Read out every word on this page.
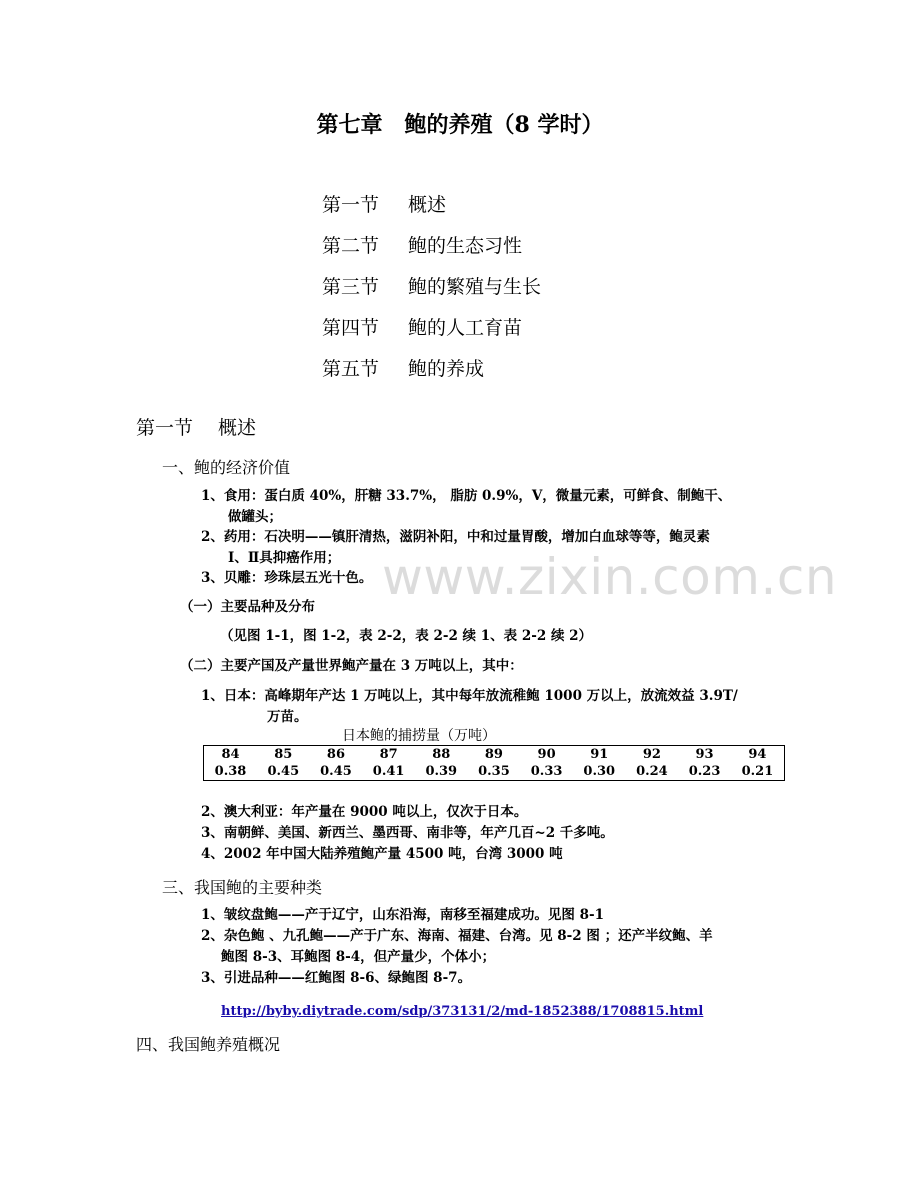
www.zixin.com.cn
第七章　鲍的养殖（8 学时）
第一节 概述
第二节 鲍的生态习性
第三节 鲍的繁殖与生长
第四节 鲍的人工育苗
第五节 鲍的养成
第一节 概述
一、鲍的经济价值
1、食用：蛋白质 40%，肝糖 33.7%， 脂肪 0.9%，V，微量元素，可鲜食、制鲍干、
做罐头；
2、药用：石决明——镇肝清热，滋阴补阳，中和过量胃酸，增加白血球等等，鲍灵素
Ⅰ、Ⅱ具抑癌作用；
3、贝雕：珍珠层五光十色。
（一）主要品种及分布
（见图 1-1，图 1-2，表 2-2，表 2-2 续 1、表 2-2 续 2）
（二）主要产国及产量世界鲍产量在 3 万吨以上，其中：
1、日本：高峰期年产达 1 万吨以上，其中每年放流稚鲍 1000 万以上，放流效益 3.9T/
万苗。
日本鲍的捕捞量（万吨）
84	85	86	87	88	89	90	91	92	93	94
0.38	0.45	0.45	0.41	0.39	0.35	0.33	0.30	0.24	0.23	0.21
2、澳大利亚：年产量在 9000 吨以上，仅次于日本。
3、南朝鲜、美国、新西兰、墨西哥、南非等，年产几百~2 千多吨。
4、2002 年中国大陆养殖鲍产量 4500 吨，台湾 3000 吨
三、我国鲍的主要种类
1、皱纹盘鲍——产于辽宁，山东沿海，南移至福建成功。见图 8-1
2、杂色鲍 、九孔鲍——产于广东、海南、福建、台湾。见 8-2 图 ；还产半纹鲍、羊
鲍图 8-3、耳鲍图 8-4，但产量少，个体小；
3、引进品种——红鲍图 8-6、绿鲍图 8-7。
http://byby.diytrade.com/sdp/373131/2/md-1852388/1708815.html
四、我国鲍养殖概况
